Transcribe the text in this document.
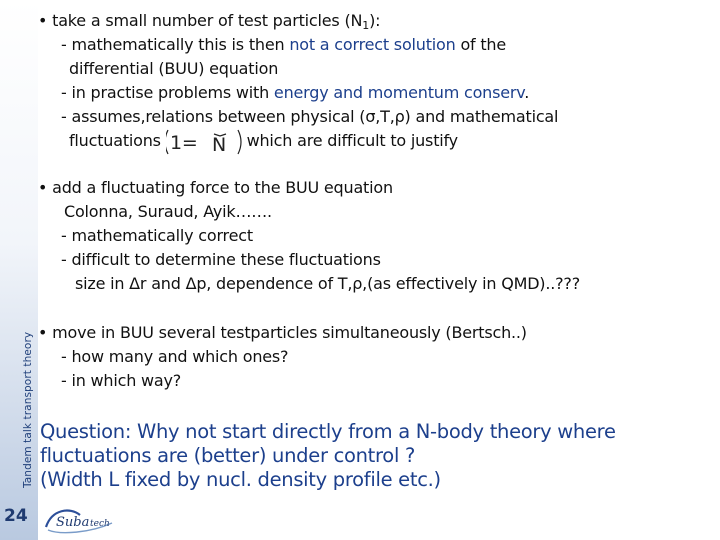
Tandem talk transport theory
24 Suba tech
• take a small number of test particles $(N_1)$:
- mathematically this is then not a correct solution of the
differential (BUU) equation
- in practise problems with energy and momentum conserv.
- assumes,relations between physical (σ,T,ρ) and mathematical
fluctuations 1= N which are difficult to justify
• add a fluctuating force to the BUU equation
Colonna, Suraud, Ayik…….
- mathematically correct
- difficult to determine these fluctuations
size in Δr and Δp, dependence of T,ρ,(as effectively in QMD)..???
• move in BUU several testparticles simultaneously (Bertsch..)
- how many and which ones?
- in which way?
Question: Why not start directly from a N-body theory where
fluctuations are (better) under control ?
(Width L fixed by nucl. density profile etc.)
